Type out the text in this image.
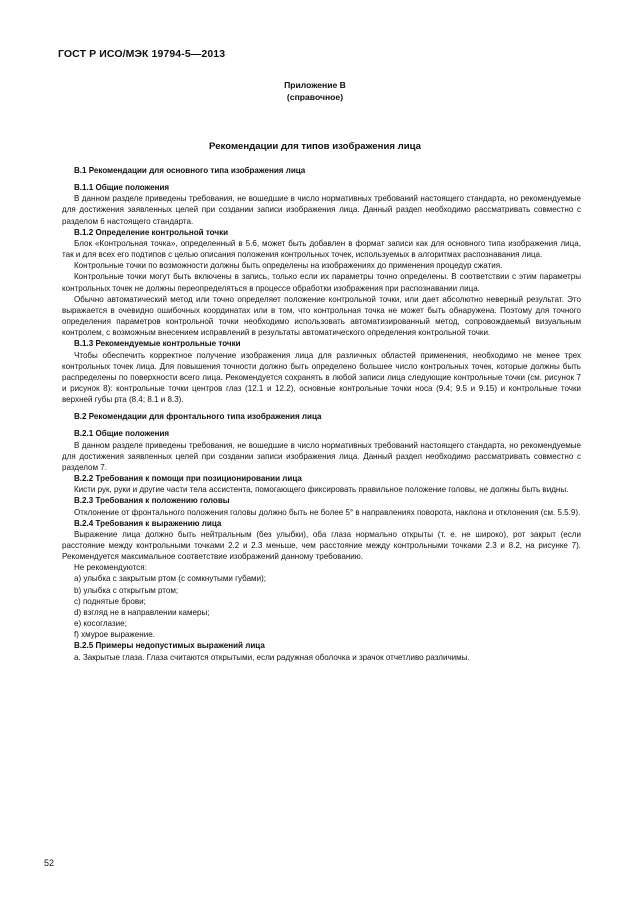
ГОСТ Р ИСО/МЭК 19794-5—2013
Приложение В
(справочное)
Рекомендации для типов изображения лица

В.1 Рекомендации для основного типа изображения лица

В.1.1 Общие положения

В данном разделе приведены требования, не вошедшие в число нормативных требований настоящего стандарта, но рекомендуемые для достижения заявленных целей при создании записи изображения лица. Данный раздел необходимо рассматривать совместно с разделом 6 настоящего стандарта.

В.1.2 Определение контрольной точки

Блок «Контрольная точка», определенный в 5.6, может быть добавлен в формат записи как для основного типа изображения лица, так и для всех его подтипов с целью описания положения контрольных точек, используемых в алгоритмах распознавания лица.

Контрольные точки по возможности должны быть определены на изображениях до применения процедур сжатия.

Контрольные точки могут быть включены в запись, только если их параметры точно определены. В соответствии с этим параметры контрольных точек не должны переопределяться в процессе обработки изображения при распознавании лица.

Обычно автоматический метод или точно определяет положение контрольной точки, или дает абсолютно неверный результат. Это выражается в очевидно ошибочных координатах или в том, что контрольная точка не может быть обнаружена. Поэтому для точного определения параметров контрольной точки необходимо использовать автоматизированный метод, сопровождаемый визуальным контролем, с возможным внесением исправлений в результаты автоматического определения контрольной точки.

В.1.3 Рекомендуемые контрольные точки

Чтобы обеспечить корректное получение изображения лица для различных областей применения, необходимо не менее трех контрольных точек лица. Для повышения точности должно быть определено большее число контрольных точек, которые должны быть распределены по поверхности всего лица. Рекомендуется сохранять в любой записи лица следующие контрольные точки (см. рисунок 7 и рисунок 8): контрольные точки центров глаз (12.1 и 12.2), основные контрольные точки носа (9.4; 9.5 и 9.15) и контрольные точки верхней губы рта (8.4; 8.1 и 8.3).

В.2 Рекомендации для фронтального типа изображения лица

В.2.1 Общие положения

В данном разделе приведены требования, не вошедшие в число нормативных требований настоящего стандарта, но рекомендуемые для достижения заявленных целей при создании записи изображения лица. Данный раздел необходимо рассматривать совместно с разделом 7.

В.2.2 Требования к помощи при позиционировании лица

Кисти рук, руки и другие части тела ассистента, помогающего фиксировать правильное положение головы, не должны быть видны.

В.2.3 Требования к положению головы

Отклонение от фронтального положения головы должно быть не более 5° в направлениях поворота, наклона и отклонения (см. 5.5.9).

В.2.4 Требования к выражению лица

Выражение лица должно быть нейтральным (без улыбки), оба глаза нормально открыты (т. е. не широко), рот закрыт (если расстояние между контрольными точками 2.2 и 2.3 меньше, чем расстояние между контрольными точками 2.3 и 8.2, на рисунке 7). Рекомендуется максимальное соответствие изображений данному требованию.

Не рекомендуются:

a) улыбка с закрытым ртом (с сомкнутыми губами);

b) улыбка с открытым ртом;

c) поднятые брови;

d) взгляд не в направлении камеры;

e) косоглазие;

f) хмурое выражение.

В.2.5 Примеры недопустимых выражений лица

а. Закрытые глаза. Глаза считаются открытыми, если радужная оболочка и зрачок отчетливо различимы.

52
